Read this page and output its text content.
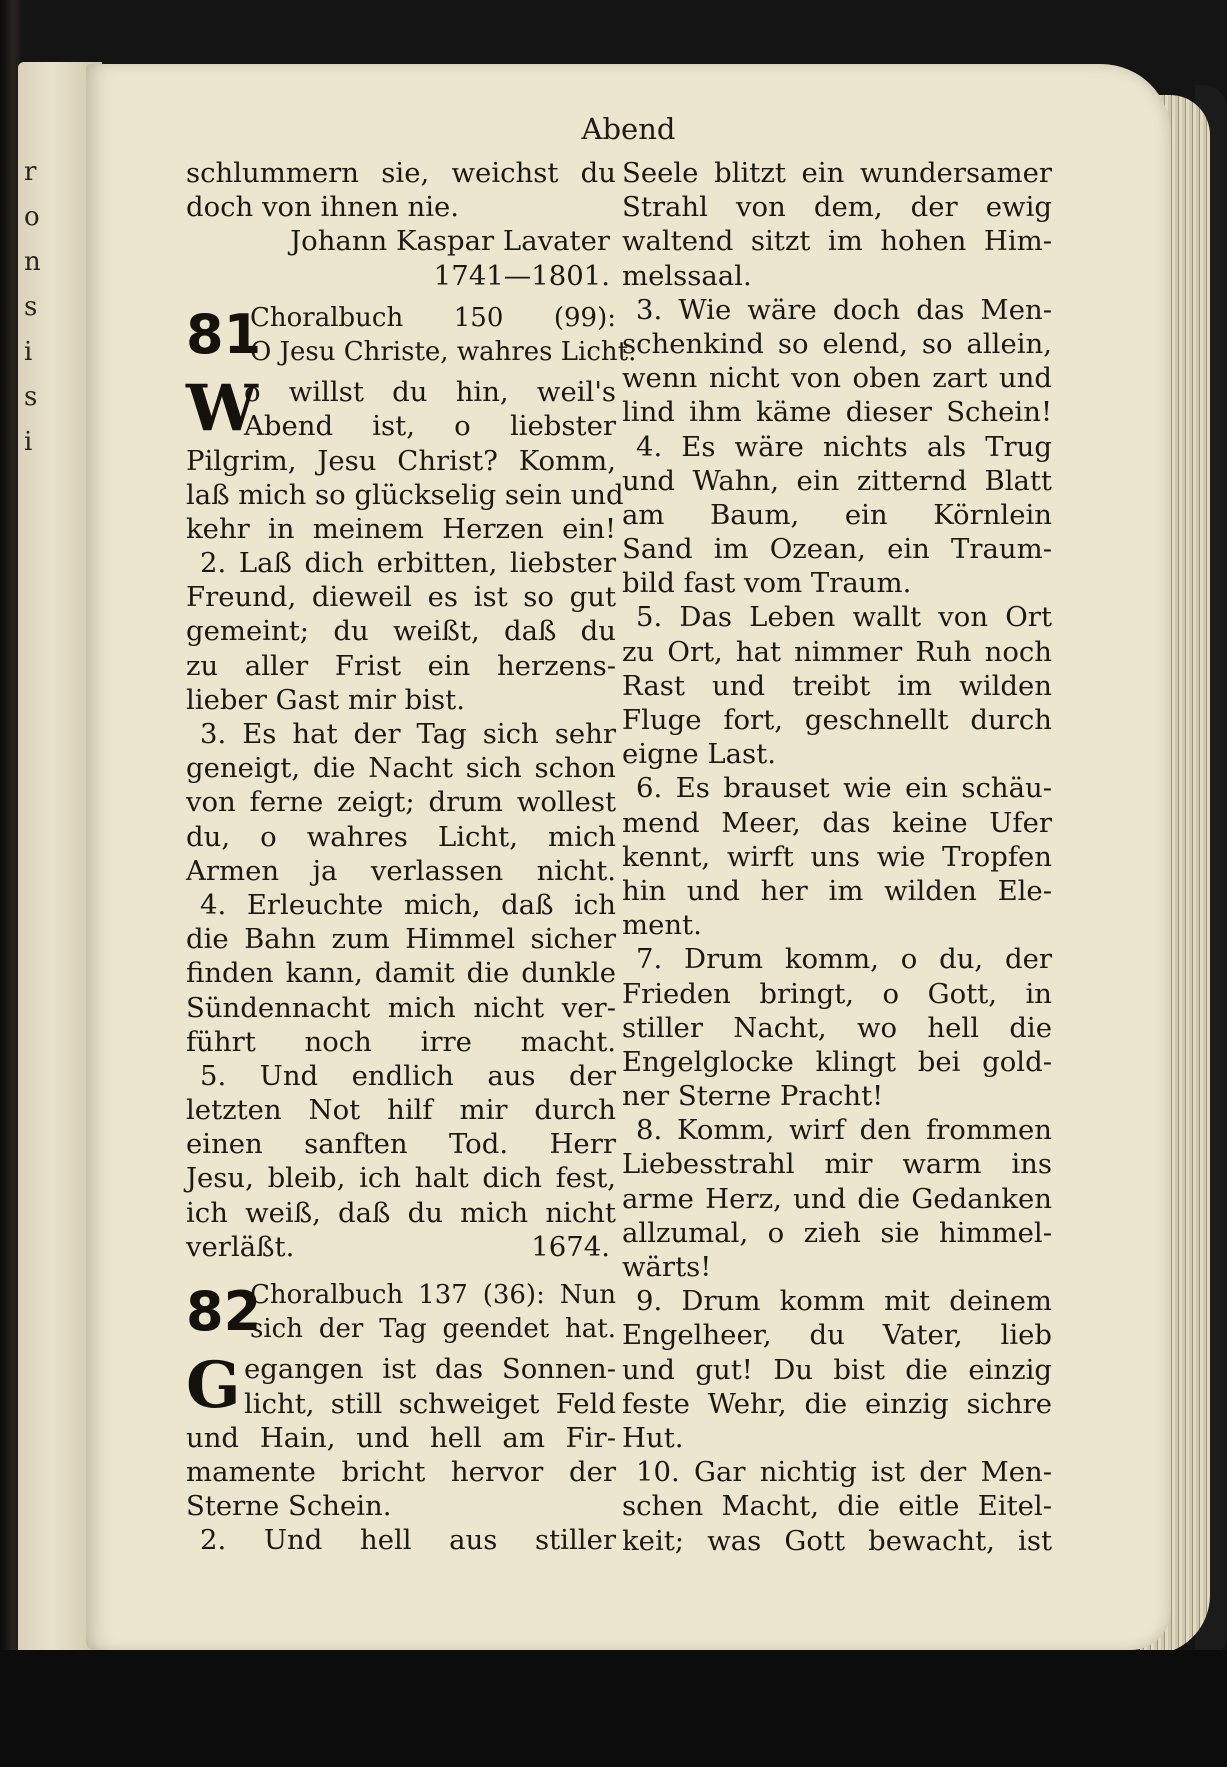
r
o
n
s
i
s
i
Abend
schlummern sie, weichst du
doch von ihnen nie.
Johann Kaspar Lavater
1741—1801.
81
Choralbuch 150 (99):
O Jesu Christe, wahres Licht.
W
o willst du hin, weil's
Abend ist, o liebster
Pilgrim, Jesu Christ? Komm,
laß mich so glückselig sein und
kehr in meinem Herzen ein!
2. Laß dich erbitten, liebster
Freund, dieweil es ist so gut
gemeint; du weißt, daß du
zu aller Frist ein herzens-
lieber Gast mir bist.
3. Es hat der Tag sich sehr
geneigt, die Nacht sich schon
von ferne zeigt; drum wollest
du, o wahres Licht, mich
Armen ja verlassen nicht.
4. Erleuchte mich, daß ich
die Bahn zum Himmel sicher
finden kann, damit die dunkle
Sündennacht mich nicht ver-
führt noch irre macht.
5. Und endlich aus der
letzten Not hilf mir durch
einen sanften Tod. Herr
Jesu, bleib, ich halt dich fest,
ich weiß, daß du mich nicht
verläßt.	1674.
82
Choralbuch 137 (36): Nun
sich der Tag geendet hat.
G egangen ist das Sonnen-
licht, still schweiget Feld
und Hain, und hell am Fir-
mamente bricht hervor der
Sterne Schein.
2. Und hell aus stiller
Seele blitzt ein wundersamer
Strahl von dem, der ewig
waltend sitzt im hohen Him-
melssaal.
3. Wie wäre doch das Men-
schenkind so elend, so allein,
wenn nicht von oben zart und
lind ihm käme dieser Schein!
4. Es wäre nichts als Trug
und Wahn, ein zitternd Blatt
am Baum, ein Körnlein
Sand im Ozean, ein Traum-
bild fast vom Traum.
5. Das Leben wallt von Ort
zu Ort, hat nimmer Ruh noch
Rast und treibt im wilden
Fluge fort, geschnellt durch
eigne Last.
6. Es brauset wie ein schäu-
mend Meer, das keine Ufer
kennt, wirft uns wie Tropfen
hin und her im wilden Ele-
ment.
7. Drum komm, o du, der
Frieden bringt, o Gott, in
stiller Nacht, wo hell die
Engelglocke klingt bei gold-
ner Sterne Pracht!
8. Komm, wirf den frommen
Liebesstrahl mir warm ins
arme Herz, und die Gedanken
allzumal, o zieh sie himmel-
wärts!
9. Drum komm mit deinem
Engelheer, du Vater, lieb
und gut! Du bist die einzig
feste Wehr, die einzig sichre
Hut.
10. Gar nichtig ist der Men-
schen Macht, die eitle Eitel-
keit; was Gott bewacht, ist
